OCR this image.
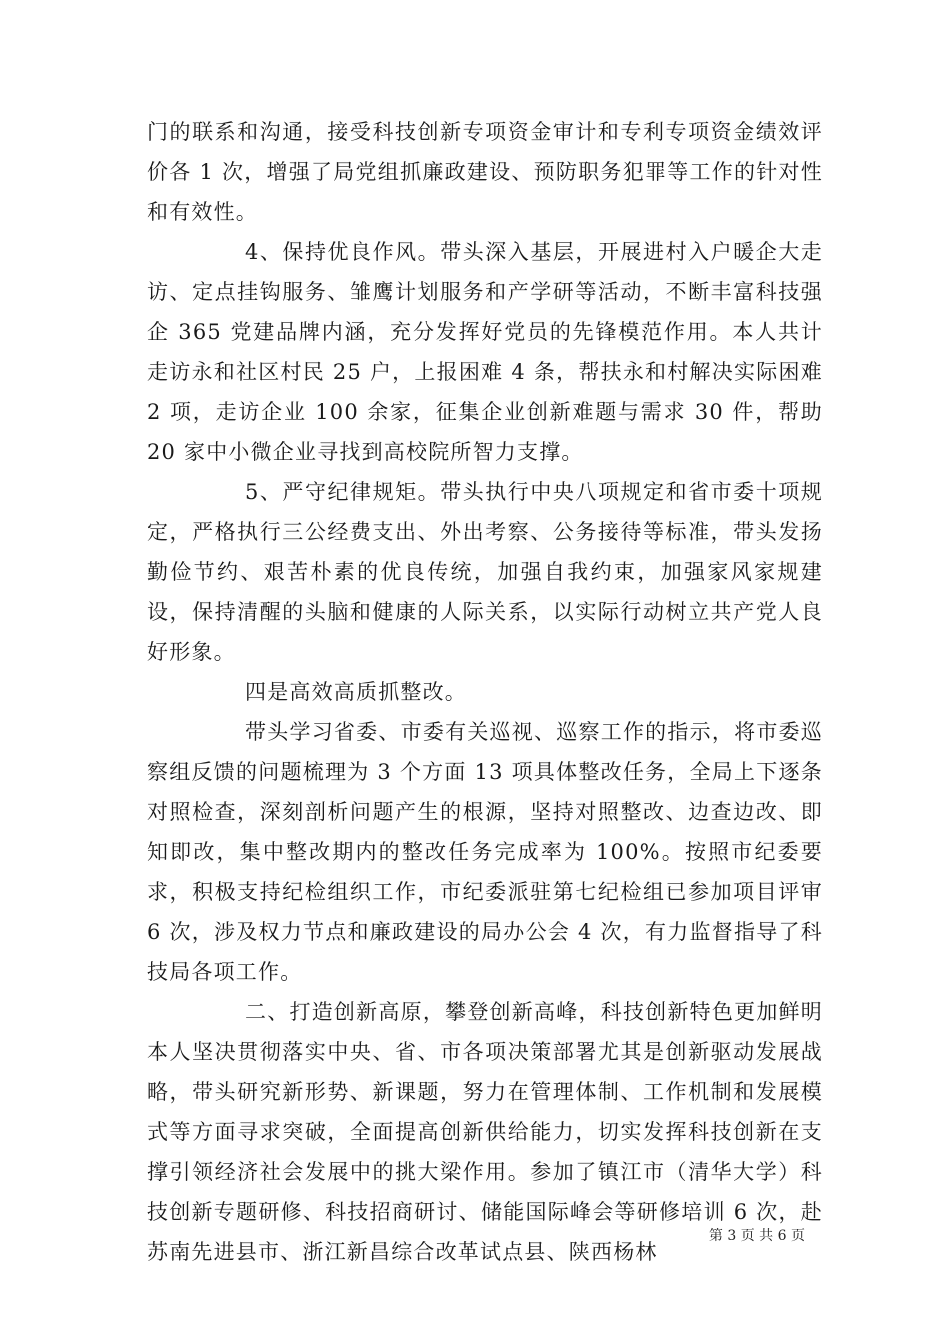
门的联系和沟通，接受科技创新专项资金审计和专利专项资金绩效评价各 1 次，增强了局党组抓廉政建设、预防职务犯罪等工作的针对性和有效性。

4、保持优良作风。带头深入基层，开展进村入户暖企大走访、定点挂钩服务、雏鹰计划服务和产学研等活动，不断丰富科技强企 365 党建品牌内涵，充分发挥好党员的先锋模范作用。本人共计走访永和社区村民 25 户，上报困难 4 条，帮扶永和村解决实际困难 2 项，走访企业 100 余家，征集企业创新难题与需求 30 件，帮助 20 家中小微企业寻找到高校院所智力支撑。

5、严守纪律规矩。带头执行中央八项规定和省市委十项规定，严格执行三公经费支出、外出考察、公务接待等标准，带头发扬勤俭节约、艰苦朴素的优良传统，加强自我约束，加强家风家规建设，保持清醒的头脑和健康的人际关系，以实际行动树立共产党人良好形象。

四是高效高质抓整改。

带头学习省委、市委有关巡视、巡察工作的指示，将市委巡察组反馈的问题梳理为 3 个方面 13 项具体整改任务，全局上下逐条对照检查，深刻剖析问题产生的根源，坚持对照整改、边查边改、即知即改，集中整改期内的整改任务完成率为 100%。按照市纪委要求，积极支持纪检组织工作，市纪委派驻第七纪检组已参加项目评审 6 次，涉及权力节点和廉政建设的局办公会 4 次，有力监督指导了科技局各项工作。

二、打造创新高原，攀登创新高峰，科技创新特色更加鲜明本人坚决贯彻落实中央、省、市各项决策部署尤其是创新驱动发展战略，带头研究新形势、新课题，努力在管理体制、工作机制和发展模式等方面寻求突破，全面提高创新供给能力，切实发挥科技创新在支撑引领经济社会发展中的挑大梁作用。参加了镇江市（清华大学）科技创新专题研修、科技招商研讨、储能国际峰会等研修培训 6 次，赴苏南先进县市、浙江新昌综合改革试点县、陕西杨林

第 3 页 共 6 页
